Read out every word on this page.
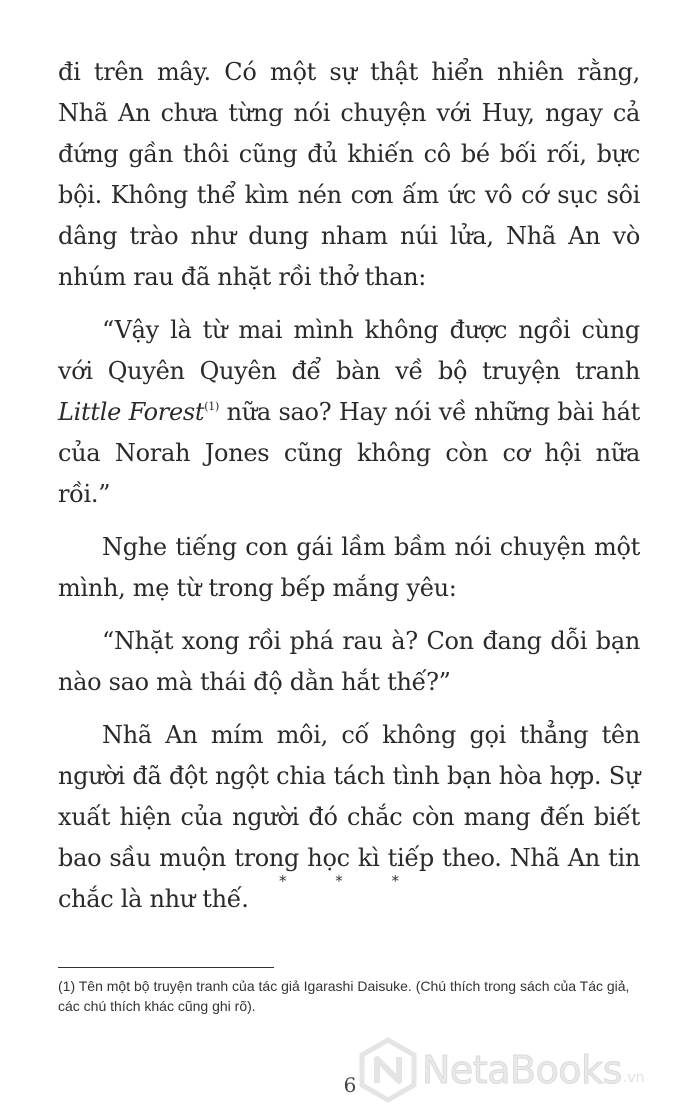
đi trên mây. Có một sự thật hiển nhiên rằng, Nhã An chưa từng nói chuyện với Huy, ngay cả đứng gần thôi cũng đủ khiến cô bé bối rối, bực bội. Không thể kìm nén cơn ấm ức vô cớ sục sôi dâng trào như dung nham núi lửa, Nhã An vò nhúm rau đã nhặt rồi thở than:

“Vậy là từ mai mình không được ngồi cùng với Quyên Quyên để bàn về bộ truyện tranh Little Forest$^{(1)}$ nữa sao? Hay nói về những bài hát của Norah Jones cũng không còn cơ hội nữa rồi.”

Nghe tiếng con gái lầm bầm nói chuyện một mình, mẹ từ trong bếp mắng yêu:

“Nhặt xong rồi phá rau à? Con đang dỗi bạn nào sao mà thái độ dằn hắt thế?”

Nhã An mím môi, cố không gọi thẳng tên người đã đột ngột chia tách tình bạn hòa hợp. Sự xuất hiện của người đó chắc còn mang đến biết bao sầu muộn trong học kì tiếp theo. Nhã An tin chắc là như thế.

* * *
(1) Tên một bộ truyện tranh của tác giả Igarashi Daisuke. (Chú thích trong sách của Tác giả, các chú thích khác cũng ghi rõ).
NetaBooks .vn
6
